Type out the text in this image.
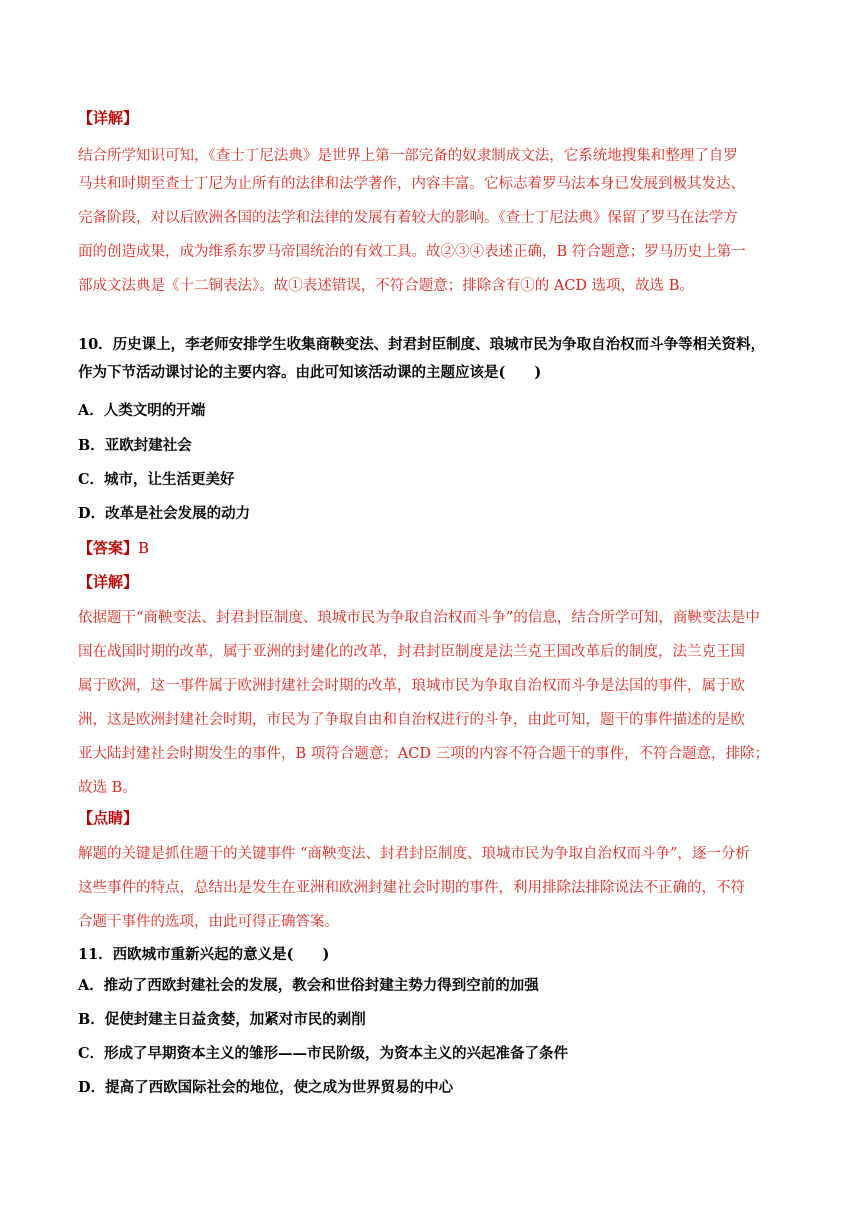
【详解】
结合所学知识可知，《查士丁尼法典》是世界上第一部完备的奴隶制成文法，它系统地搜集和整理了自罗
马共和时期至查士丁尼为止所有的法律和法学著作，内容丰富。它标志着罗马法本身已发展到极其发达、
完备阶段，对以后欧洲各国的法学和法律的发展有着较大的影响。《查士丁尼法典》保留了罗马在法学方
面的创造成果，成为维系东罗马帝国统治的有效工具。故②③④表述正确，B 符合题意；罗马历史上第一
部成文法典是《十二铜表法》。故①表述错误，不符合题意；排除含有①的 ACD 选项，故选 B。
10．历史课上，李老师安排学生收集商鞅变法、封君封臣制度、琅城市民为争取自治权而斗争等相关资料，
作为下节活动课讨论的主要内容。由此可知该活动课的主题应该是(　　)
A．人类文明的开端
B．亚欧封建社会
C．城市，让生活更美好
D．改革是社会发展的动力
【答案】B
【详解】
依据题干“商鞅变法、封君封臣制度、琅城市民为争取自治权而斗争”的信息，结合所学可知，商鞅变法是中
国在战国时期的改革，属于亚洲的封建化的改革，封君封臣制度是法兰克王国改革后的制度，法兰克王国
属于欧洲，这一事件属于欧洲封建社会时期的改革，琅城市民为争取自治权而斗争是法国的事件，属于欧
洲，这是欧洲封建社会时期，市民为了争取自由和自治权进行的斗争，由此可知，题干的事件描述的是欧
亚大陆封建社会时期发生的事件，B 项符合题意；ACD 三项的内容不符合题干的事件，不符合题意，排除；
故选 B。
【点睛】
解题的关键是抓住题干的关键事件 “商鞅变法、封君封臣制度、琅城市民为争取自治权而斗争”，逐一分析
这些事件的特点，总结出是发生在亚洲和欧洲封建社会时期的事件，利用排除法排除说法不正确的，不符
合题干事件的选项，由此可得正确答案。
11．西欧城市重新兴起的意义是(　　)
A．推动了西欧封建社会的发展，教会和世俗封建主势力得到空前的加强
B．促使封建主日益贪婪，加紧对市民的剥削
C．形成了早期资本主义的雏形——市民阶级，为资本主义的兴起准备了条件
D．提高了西欧国际社会的地位，使之成为世界贸易的中心
